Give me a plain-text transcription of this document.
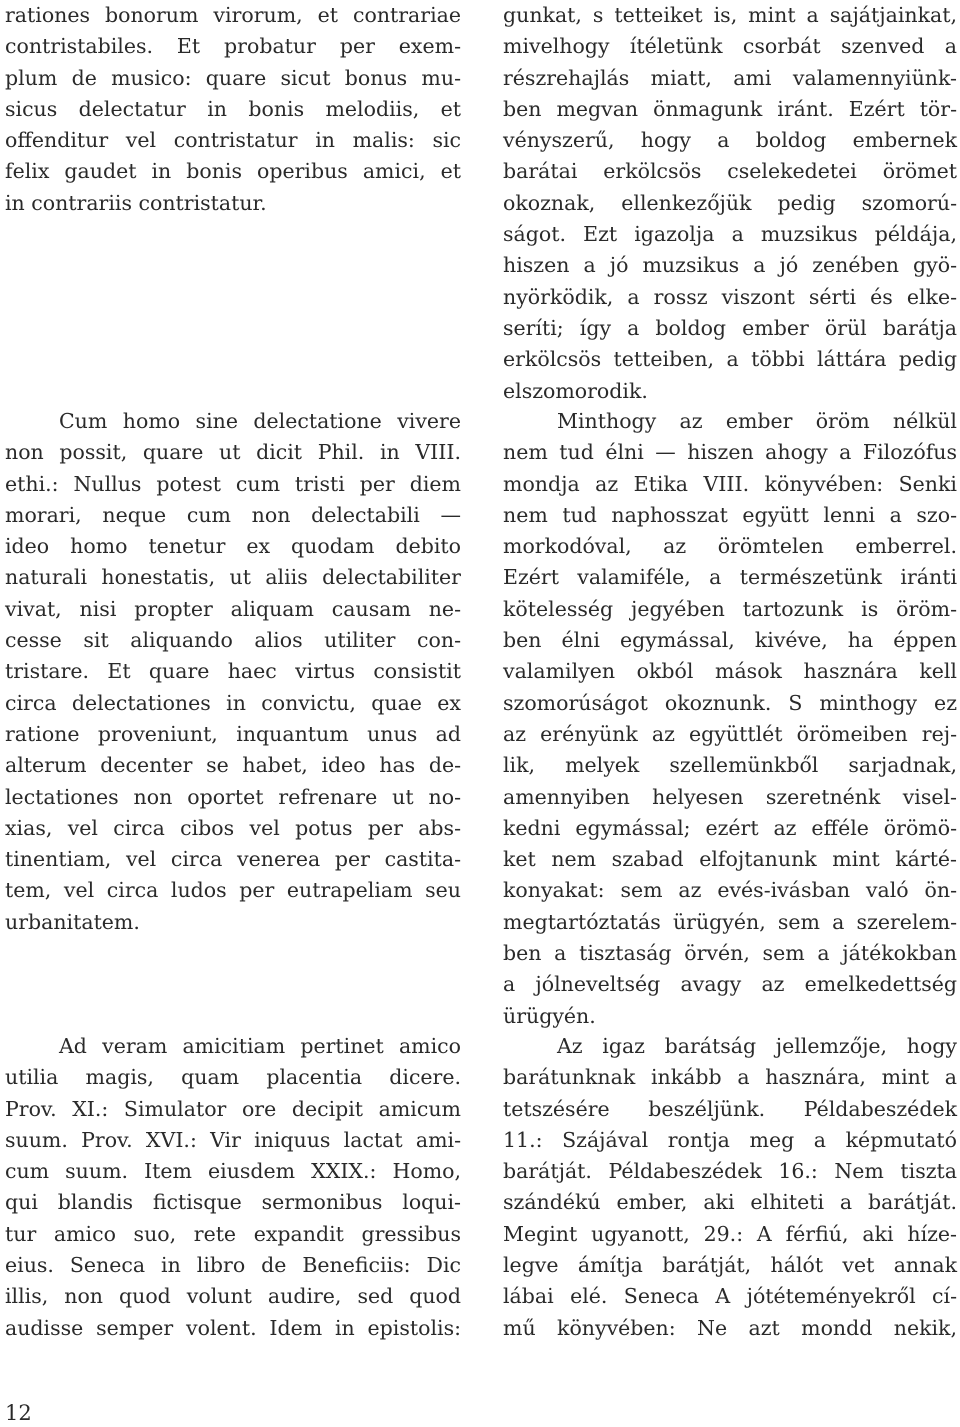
rationes bonorum virorum, et contrariae
contristabiles. Et probatur per exem-
plum de musico: quare sicut bonus mu-
sicus delectatur in bonis melodiis, et
offenditur vel contristatur in malis: sic
felix gaudet in bonis operibus amici, et
in contrariis contristatur.
Cum homo sine delectatione vivere
non possit, quare ut dicit Phil. in VIII.
ethi.: Nullus potest cum tristi per diem
morari, neque cum non delectabili —
ideo homo tenetur ex quodam debito
naturali honestatis, ut aliis delectabiliter
vivat, nisi propter aliquam causam ne-
cesse sit aliquando alios utiliter con-
tristare. Et quare haec virtus consistit
circa delectationes in convictu, quae ex
ratione proveniunt, inquantum unus ad
alterum decenter se habet, ideo has de-
lectationes non oportet refrenare ut no-
xias, vel circa cibos vel potus per abs-
tinentiam, vel circa venerea per castita-
tem, vel circa ludos per eutrapeliam seu
urbanitatem.
Ad veram amicitiam pertinet amico
utilia magis, quam placentia dicere.
Prov. XI.: Simulator ore decipit amicum
suum. Prov. XVI.: Vir iniquus lactat ami-
cum suum. Item eiusdem XXIX.: Homo,
qui blandis fictisque sermonibus loqui-
tur amico suo, rete expandit gressibus
eius. Seneca in libro de Beneficiis: Dic
illis, non quod volunt audire, sed quod
audisse semper volent. Idem in epistolis:
gunkat, s tetteiket is, mint a sajátjainkat,
mivelhogy ítéletünk csorbát szenved a
részrehajlás miatt, ami valamennyiünk-
ben megvan önmagunk iránt. Ezért tör-
vényszerű, hogy a boldog embernek
barátai erkölcsös cselekedetei örömet
okoznak, ellenkezőjük pedig szomorú-
ságot. Ezt igazolja a muzsikus példája,
hiszen a jó muzsikus a jó zenében gyö-
nyörködik, a rossz viszont sérti és elke-
seríti; így a boldog ember örül barátja
erkölcsös tetteiben, a többi láttára pedig
elszomorodik.
Minthogy az ember öröm nélkül
nem tud élni — hiszen ahogy a Filozófus
mondja az Etika VIII. könyvében: Senki
nem tud naphosszat együtt lenni a szo-
morkodóval, az örömtelen emberrel.
Ezért valamiféle, a természetünk iránti
kötelesség jegyében tartozunk is öröm-
ben élni egymással, kivéve, ha éppen
valamilyen okból mások hasznára kell
szomorúságot okoznunk. S minthogy ez
az erényünk az együttlét örömeiben rej-
lik, melyek szellemünkből sarjadnak,
amennyiben helyesen szeretnénk visel-
kedni egymással; ezért az efféle örömö-
ket nem szabad elfojtanunk mint kárté-
konyakat: sem az evés-ivásban való ön-
megtartóztatás ürügyén, sem a szerelem-
ben a tisztaság örvén, sem a játékokban
a jólneveltség avagy az emelkedettség
ürügyén.
Az igaz barátság jellemzője, hogy
barátunknak inkább a hasznára, mint a
tetszésére beszéljünk. Példabeszédek
11.: Szájával rontja meg a képmutató
barátját. Példabeszédek 16.: Nem tiszta
szándékú ember, aki elhiteti a barátját.
Megint ugyanott, 29.: A férfiú, aki híze-
legve ámítja barátját, hálót vet annak
lábai elé. Seneca A jótéteményekről cí-
mű könyvében: Ne azt mondd nekik,
12
